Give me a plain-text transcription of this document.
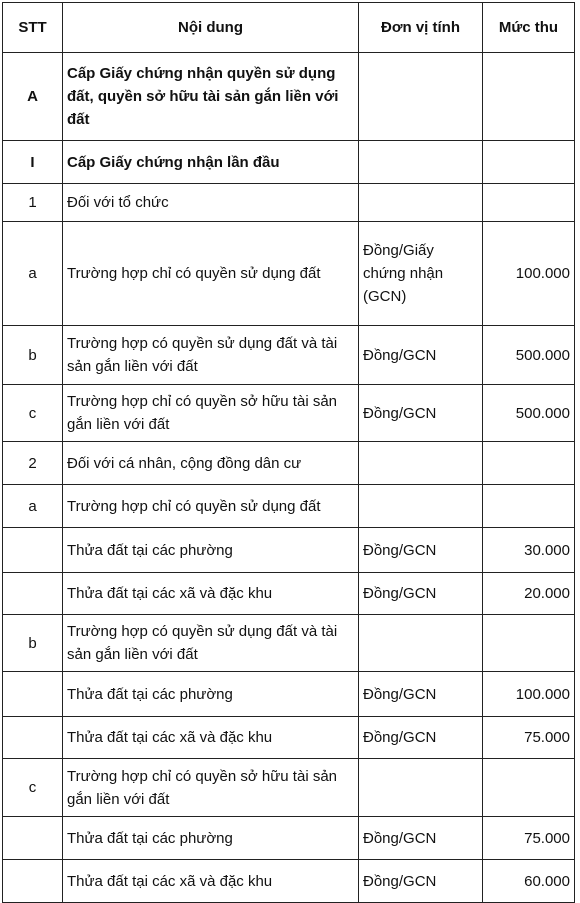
STT	Nội dung	Đơn vị tính	Mức thu
A	Cấp Giấy chứng nhận quyền sử dụng đất, quyền sở hữu tài sản gắn liền với đất		
I	Cấp Giấy chứng nhận lần đầu		
1	Đối với tổ chức		
a	Trường hợp chỉ có quyền sử dụng đất	Đồng/Giấy chứng nhận (GCN)	100.000
b	Trường hợp có quyền sử dụng đất và tài sản gắn liền với đất	Đồng/GCN	500.000
c	Trường hợp chỉ có quyền sở hữu tài sản gắn liền với đất	Đồng/GCN	500.000
2	Đối với cá nhân, cộng đồng dân cư		
a	Trường hợp chỉ có quyền sử dụng đất		
	Thửa đất tại các phường	Đồng/GCN	30.000
	Thửa đất tại các xã và đặc khu	Đồng/GCN	20.000
b	Trường hợp có quyền sử dụng đất và tài sản gắn liền với đất		
	Thửa đất tại các phường	Đồng/GCN	100.000
	Thửa đất tại các xã và đặc khu	Đồng/GCN	75.000
c	Trường hợp chỉ có quyền sở hữu tài sản gắn liền với đất		
	Thửa đất tại các phường	Đồng/GCN	75.000
	Thửa đất tại các xã và đặc khu	Đồng/GCN	60.000
